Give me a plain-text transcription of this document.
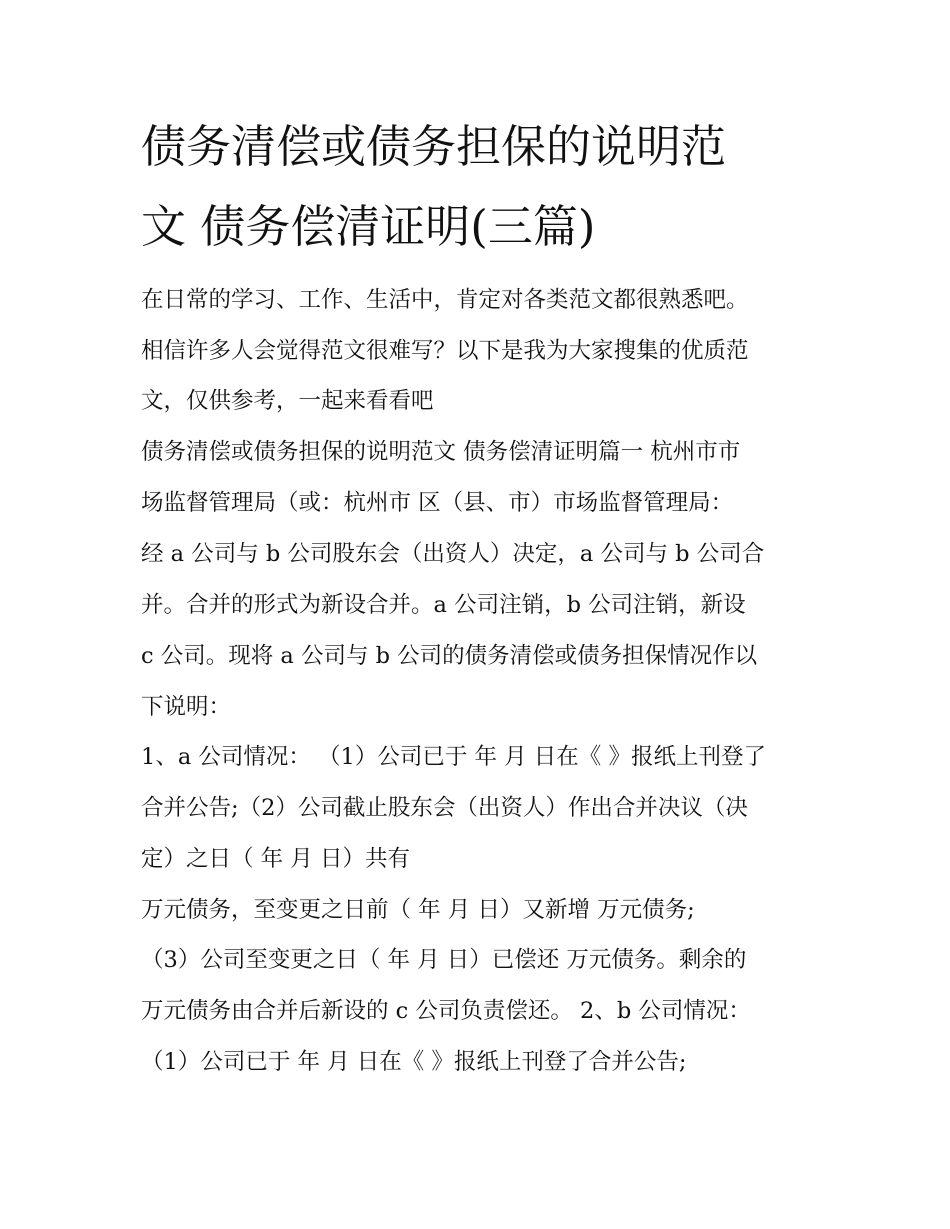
债务清偿或债务担保的说明范
文 债务偿清证明(三篇)
在日常的学习、工作、生活中，肯定对各类范文都很熟悉吧。
相信许多人会觉得范文很难写？以下是我为大家搜集的优质范
文，仅供参考，一起来看看吧
债务清偿或债务担保的说明范文 债务偿清证明篇一 杭州市市
场监督管理局（或：杭州市 区（县、市）市场监督管理局：
经 a 公司与 b 公司股东会（出资人）决定，a 公司与 b 公司合
并。合并的形式为新设合并。a 公司注销，b 公司注销，新设
c 公司。现将 a 公司与 b 公司的债务清偿或债务担保情况作以
下说明：
1、a 公司情况： （1）公司已于 年 月 日在《 》报纸上刊登了
合并公告;（2）公司截止股东会（出资人）作出合并决议（决
定）之日（ 年 月 日）共有
万元债务，至变更之日前（ 年 月 日）又新增 万元债务;
（3）公司至变更之日（ 年 月 日）已偿还 万元债务。剩余的
万元债务由合并后新设的 c 公司负责偿还。 2、b 公司情况：
（1）公司已于 年 月 日在《 》报纸上刊登了合并公告;
